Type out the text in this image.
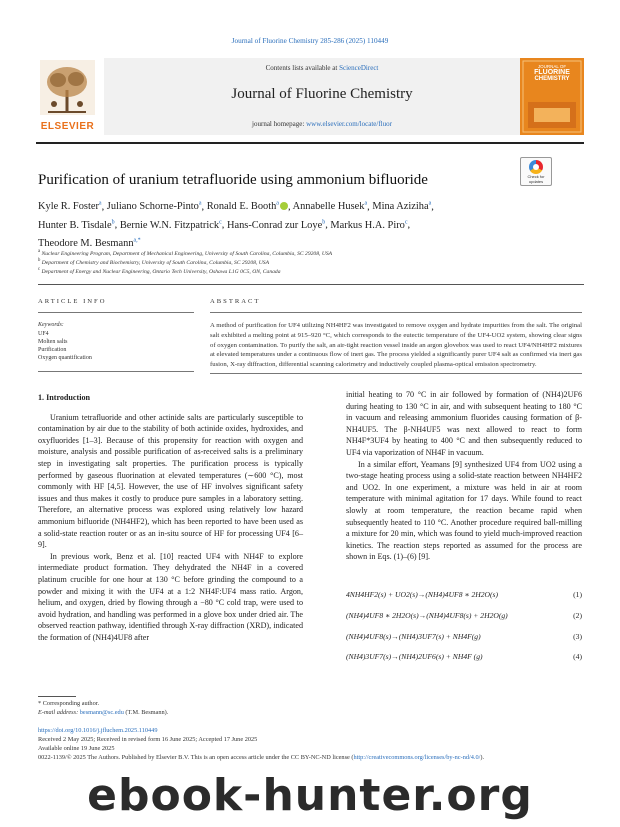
Journal of Fluorine Chemistry 285-286 (2025) 110449
ELSEVIER
Contents lists available at ScienceDirect
Journal of Fluorine Chemistry
journal homepage: www.elsevier.com/locate/fluor
JOURNAL OF
FLUORINE
CHEMISTRY
Purification of uranium tetrafluoride using ammonium bifluoride	Check for updates
Kyle R. Foster$^a$, Juliano Schorne-Pinto$^a$, Ronald E. Booth$^a$ , Annabelle Husek$^a$, Mina Aziziha$^a$,
Hunter B. Tisdale$^b$, Bernie W.N. Fitzpatrick$^c$, Hans-Conrad zur Loye$^b$, Markus H.A. Piro$^c$,
Theodore M. Besmann$^{a,*}$
$^a$ Nuclear Engineering Program, Department of Mechanical Engineering, University of South Carolina, Columbia, SC 29208, USA
$^b$ Department of Chemistry and Biochemistry, University of South Carolina, Columbia, SC 29208, USA
$^c$ Department of Energy and Nuclear Engineering, Ontario Tech University, Oshawa L1G 0C5, ON, Canada
ARTICLE INFO	ABSTRACT
Keywords:
UF4
Molten salts
Purification
Oxygen quantification
A method of purification for UF4 utilizing NH4HF2 was investigated to remove oxygen and hydrate impurities from the salt. The original salt exhibited a melting point at 915–920 °C, which corresponds to the eutectic temperature of the UF4-UO2 system, showing clear signs of oxygen contamination. To purify the salt, an air-tight reaction vessel inside an argon glovebox was used to react UF4/NH4HF2 mixtures at elevated temperatures under a continuous flow of inert gas. The process yielded a significantly purer UF4 salt as confirmed via inert gas fusion, X-ray diffraction, differential scanning calorimetry and inductively coupled plasma-optical emission spectrometry.

1. Introduction

Uranium tetrafluoride and other actinide salts are particularly susceptible to contamination by air due to the stability of both actinide oxides, hydroxides, and oxyfluorides [1–3]. Because of this propensity for reaction with oxygen and moisture, analysis and possible purification of as-received salts is a preliminary step in investigating salt properties. The purification process is typically performed by gaseous fluorination at elevated temperatures (∼600 °C), most commonly with HF [4,5]. However, the use of HF involves significant safety issues and thus makes it costly to produce pure samples in a laboratory setting. Therefore, an alternative process was explored using relatively low hazard ammonium bifluoride (NH4HF2), which has been reported to have been used as a solid-state reaction router or as an in-situ source of HF for processing UF4 [6–9].

In previous work, Benz et al. [10] reacted UF4 with NH4F to explore intermediate product formation. They dehydrated the NH4F in a covered platinum crucible for one hour at 130 °C before grinding the compound to a powder and mixing it with the UF4 at a 1:2 NH4F:UF4 mass ratio. Argon, helium, and oxygen, dried by flowing through a −80 °C cold trap, were used to avoid hydration, and handling was performed in a glove box under dried air. The observed reaction pathway, identified through X-ray diffraction (XRD), indicated the formation of (NH4)4UF8 after

initial heating to 70 °C in air followed by formation of (NH4)2UF6 during heating to 130 °C in air, and with subsequent heating to 180 °C in vacuum and releasing ammonium fluorides causing formation of β-NH4UF5. The β-NH4UF5 was next allowed to react to form NH4F*3UF4 by heating to 400 °C and then subsequently reduced to UF4 via vaporization of NH4F in vacuum.

In a similar effort, Yeamans [9] synthesized UF4 from UO2 using a two-stage heating process using a solid-state reaction between NH4HF2 and UO2. In one experiment, a mixture was held in air at room temperature with minimal agitation for 17 days. While found to react slowly at room temperature, the reaction became rapid when subsequently heated to 110 °C. Another procedure required ball-milling a mixture for 20 min, which was found to yield much-improved reaction kinetics. The reaction steps reported as assumed for the process are shown in Eqs. (1)–(6) [9].

4NH4HF2(s) + UO2(s)→(NH4)4UF8 ∗ 2H2O(s)	(1)
(NH4)4UF8 ∗ 2H2O(s)→(NH4)4UF8(s) + 2H2O(g)	(2)
(NH4)4UF8(s)→(NH4)3UF7(s) + NH4F(g)	(3)
(NH4)3UF7(s)→(NH4)2UF6(s) + NH4F (g)	(4)
* Corresponding author.
E-mail address: besmann@sc.edu (T.M. Besmann).
https://doi.org/10.1016/j.jfluchem.2025.110449
Received 2 May 2025; Received in revised form 16 June 2025; Accepted 17 June 2025
Available online 19 June 2025
0022-1139/© 2025 The Authors. Published by Elsevier B.V. This is an open access article under the CC BY-NC-ND license (http://creativecommons.org/licenses/by-nc-nd/4.0/).
ebook-hunter.org
